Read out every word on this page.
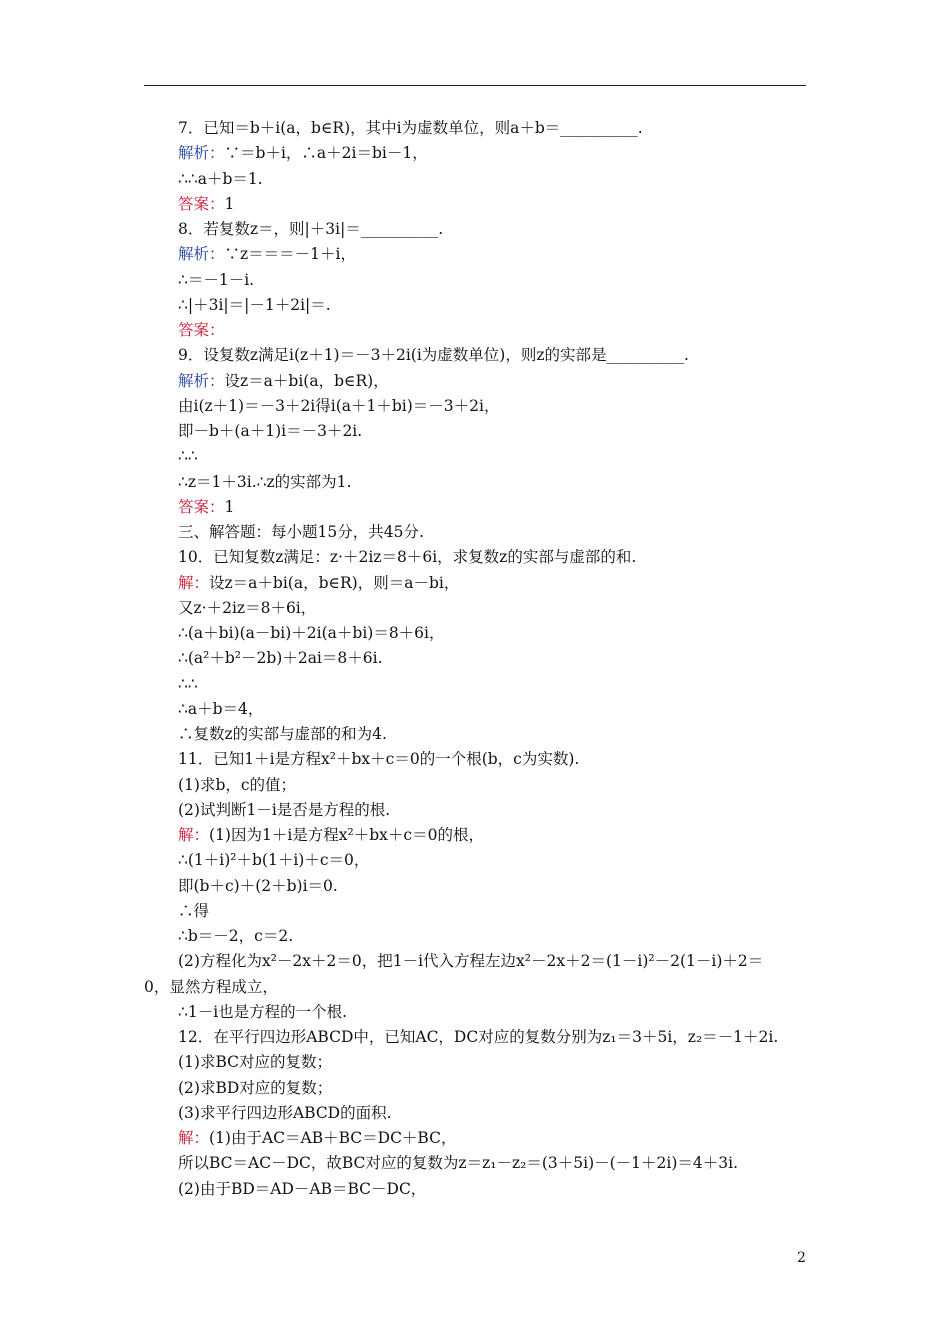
7．已知＝b＋i(a，b∈R)，其中i为虚数单位，则a＋b＝__________.
解析：∵＝b＋i，∴a＋2i＝bi－1，
∴∴a＋b＝1.
答案：1
8．若复数z＝，则|＋3i|＝__________.
解析：∵z＝＝＝－1＋i，
∴＝－1－i.
∴|＋3i|＝|－1＋2i|＝.
答案：
9．设复数z满足i(z＋1)＝－3＋2i(i为虚数单位)，则z的实部是__________.
解析：设z＝a＋bi(a，b∈R)，
由i(z＋1)＝－3＋2i得i(a＋1＋bi)＝－3＋2i，
即－b＋(a＋1)i＝－3＋2i.
∴∴
∴z＝1＋3i.∴z的实部为1.
答案：1
三、解答题：每小题15分，共45分.
10．已知复数z满足：z·＋2iz＝8＋6i，求复数z的实部与虚部的和.
解：设z＝a＋bi(a，b∈R)，则＝a－bi，
又z·＋2iz＝8＋6i，
∴(a＋bi)(a－bi)＋2i(a＋bi)＝8＋6i，
∴(a²＋b²－2b)＋2ai＝8＋6i.
∴∴
∴a＋b＝4，
∴复数z的实部与虚部的和为4.
11．已知1＋i是方程x²＋bx＋c＝0的一个根(b，c为实数).
(1)求b，c的值；
(2)试判断1－i是否是方程的根.
解：(1)因为1＋i是方程x²＋bx＋c＝0的根，
∴(1＋i)²＋b(1＋i)＋c＝0，
即(b＋c)＋(2＋b)i＝0.
∴得
∴b＝－2，c＝2.
(2)方程化为x²－2x＋2＝0，把1－i代入方程左边x²－2x＋2＝(1－i)²－2(1－i)＋2＝
0，显然方程成立，
∴1－i也是方程的一个根.
12．在平行四边形ABCD中，已知AC，DC对应的复数分别为z₁＝3＋5i，z₂＝－1＋2i.
(1)求BC对应的复数；
(2)求BD对应的复数；
(3)求平行四边形ABCD的面积.
解：(1)由于AC＝AB＋BC＝DC＋BC，
所以BC＝AC－DC，故BC对应的复数为z＝z₁－z₂＝(3＋5i)－(－1＋2i)＝4＋3i.
(2)由于BD＝AD－AB＝BC－DC，
2
